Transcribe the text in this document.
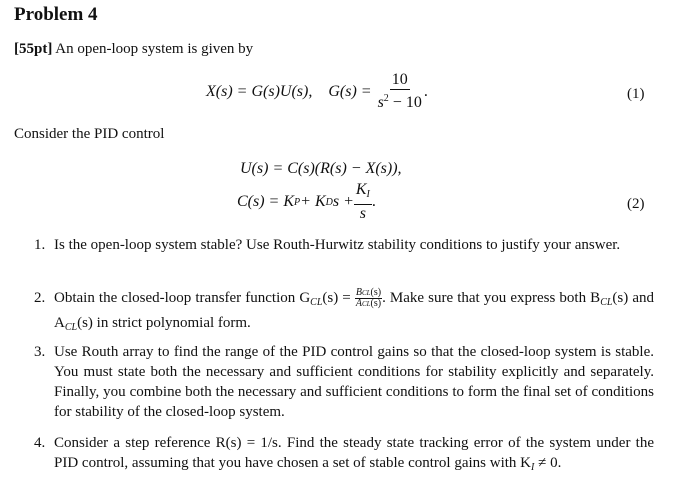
Problem 4
[55pt] An open-loop system is given by
X(s) = G(s)U(s), $G(s) = \frac{10}{s^2 - 10}$ .	(1)
Consider the PID control
U(s) = C(s)(R(s) − X(s)),
C(s) = K P + K D $s + \frac{K_I}{s}$ .	(2)
1. Is the open-loop system stable? Use Routh-Hurwitz stability conditions to justify your answer.
2. Obtain the closed-loop transfer function $G_{CL}(s) = \frac{\text{BCL(s)}}{\text{ACL(s)}}$ . Make sure that you express both $B_{CL}(s)$ and $A_{CL}(s)$ in strict polynomial form.
3. Use Routh array to find the range of the PID control gains so that the closed-loop system is stable. You must state both the necessary and sufficient conditions for stability explicitly and separately. Finally, you combine both the necessary and sufficient conditions to form the final set of conditions for stability of the closed-loop system.
4. Consider a step reference R(s) = 1/s. Find the steady state tracking error of the system under the PID control, assuming that you have chosen a set of stable control gains with $K_I \ne 0$.
